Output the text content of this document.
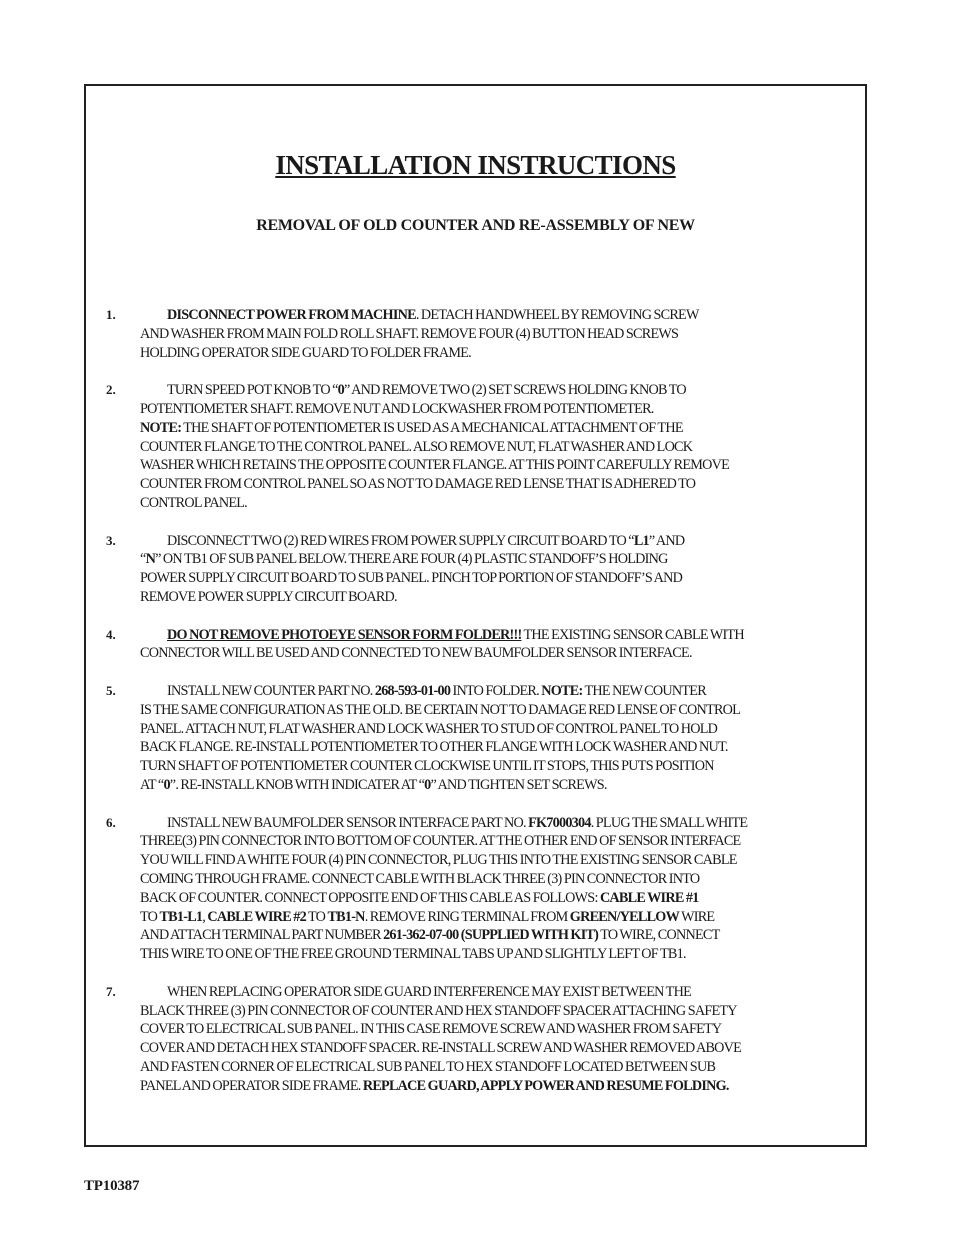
INSTALLATION INSTRUCTIONS
REMOVAL OF OLD COUNTER AND RE-ASSEMBLY OF NEW
1.	DISCONNECT POWER FROM MACHINE. DETACH HANDWHEEL BY REMOVING SCREW
AND WASHER FROM MAIN FOLD ROLL SHAFT. REMOVE FOUR (4) BUTTON HEAD SCREWS
HOLDING OPERATOR SIDE GUARD TO FOLDER FRAME.
2.	TURN SPEED POT KNOB TO “0” AND REMOVE TWO (2) SET SCREWS HOLDING KNOB TO
POTENTIOMETER SHAFT. REMOVE NUT AND LOCKWASHER FROM POTENTIOMETER.
NOTE: THE SHAFT OF POTENTIOMETER IS USED AS A MECHANICAL ATTACHMENT OF THE
COUNTER FLANGE TO THE CONTROL PANEL. ALSO REMOVE NUT, FLAT WASHER AND LOCK
WASHER WHICH RETAINS THE OPPOSITE COUNTER FLANGE. AT THIS POINT CAREFULLY REMOVE
COUNTER FROM CONTROL PANEL SO AS NOT TO DAMAGE RED LENSE THAT IS ADHERED TO
CONTROL PANEL.
3.	DISCONNECT TWO (2) RED WIRES FROM POWER SUPPLY CIRCUIT BOARD TO “L1” AND
“N” ON TB1 OF SUB PANEL BELOW. THERE ARE FOUR (4) PLASTIC STANDOFF’S HOLDING
POWER SUPPLY CIRCUIT BOARD TO SUB PANEL. PINCH TOP PORTION OF STANDOFF’S AND
REMOVE POWER SUPPLY CIRCUIT BOARD.
4.	DO NOT REMOVE PHOTOEYE SENSOR FORM FOLDER!!! THE EXISTING SENSOR CABLE WITH
CONNECTOR WILL BE USED AND CONNECTED TO NEW BAUMFOLDER SENSOR INTERFACE.
5.	INSTALL NEW COUNTER PART NO. 268-593-01-00 INTO FOLDER. NOTE: THE NEW COUNTER
IS THE SAME CONFIGURATION AS THE OLD. BE CERTAIN NOT TO DAMAGE RED LENSE OF CONTROL
PANEL. ATTACH NUT, FLAT WASHER AND LOCK WASHER TO STUD OF CONTROL PANEL TO HOLD
BACK FLANGE. RE-INSTALL POTENTIOMETER TO OTHER FLANGE WITH LOCK WASHER AND NUT.
TURN SHAFT OF POTENTIOMETER COUNTER CLOCKWISE UNTIL IT STOPS, THIS PUTS POSITION
AT “0”. RE-INSTALL KNOB WITH INDICATER AT “0” AND TIGHTEN SET SCREWS.
6.	INSTALL NEW BAUMFOLDER SENSOR INTERFACE PART NO. FK7000304. PLUG THE SMALL WHITE
THREE(3) PIN CONNECTOR INTO BOTTOM OF COUNTER. AT THE OTHER END OF SENSOR INTERFACE
YOU WILL FIND A WHITE FOUR (4) PIN CONNECTOR, PLUG THIS INTO THE EXISTING SENSOR CABLE
COMING THROUGH FRAME. CONNECT CABLE WITH BLACK THREE (3) PIN CONNECTOR INTO
BACK OF COUNTER. CONNECT OPPOSITE END OF THIS CABLE AS FOLLOWS: CABLE WIRE #1
TO TB1-L1, CABLE WIRE #2 TO TB1-N. REMOVE RING TERMINAL FROM GREEN/YELLOW WIRE
AND ATTACH TERMINAL PART NUMBER 261-362-07-00 (SUPPLIED WITH KIT) TO WIRE, CONNECT
THIS WIRE TO ONE OF THE FREE GROUND TERMINAL TABS UP AND SLIGHTLY LEFT OF TB1.
7.	WHEN REPLACING OPERATOR SIDE GUARD INTERFERENCE MAY EXIST BETWEEN THE
BLACK THREE (3) PIN CONNECTOR OF COUNTER AND HEX STANDOFF SPACER ATTACHING SAFETY
COVER TO ELECTRICAL SUB PANEL. IN THIS CASE REMOVE SCREW AND WASHER FROM SAFETY
COVER AND DETACH HEX STANDOFF SPACER. RE-INSTALL SCREW AND WASHER REMOVED ABOVE
AND FASTEN CORNER OF ELECTRICAL SUB PANEL TO HEX STANDOFF LOCATED BETWEEN SUB
PANEL AND OPERATOR SIDE FRAME. REPLACE GUARD, APPLY POWER AND RESUME FOLDING.
TP10387
